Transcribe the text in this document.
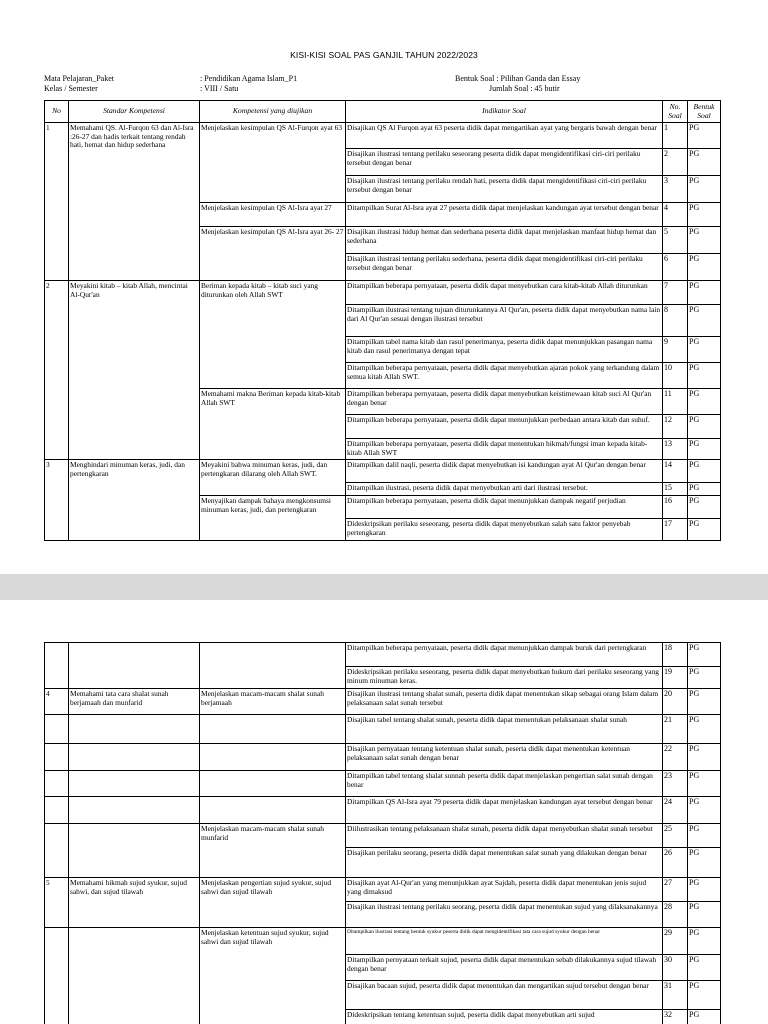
KISI-KISI SOAL PAS GANJIL TAHUN 2022/2023
Mata Pelajaran_Paket	: Pendidikan Agama Islam_P1
Kelas / Semester	: VIII / Satu
Bentuk Soal : Pilihan Ganda dan Essay
Jumlah Soal : 45 butir
No	Standar Kompetensi	Kompetensi yang diujikan	Indikator Soal	No. Soal	Bentuk Soal
1	Memahami QS. Al-Furqon 63 dan Al-Isra :26-27 dan hadis terkait tentang rendah hati, hemat dan hidup sederhana	Menjelaskan kesimpulan QS Al-Furqon ayat 63	Disajikan QS Al Furqon ayat 63 peserta didik dapat mengartikan ayat yang bergaris bawah dengan benar	1	PG
			Disajikan ilustrasi tentang perilaku seseorang peserta didik dapat mengidentifikasi ciri-ciri perilaku tersebut dengan benar	2	PG
			Disajikan ilustrasi tentang perilaku rendah hati, peserta didik dapat mengidentifikasi ciri-ciri perilaku tersebut dengan benar	3	PG
		Menjelaskan kesimpulan QS Al-Isra ayat 27	Ditampilkan Surat Al-Isra ayat 27 peserta didik dapat menjelaskan kandungan ayat tersebut dengan benar	4	PG
		Menjelaskan kesimpulan QS Al-Isra ayat 26- 27	Disajikan ilustrasi hidup hemat dan sederhana peserta didik dapat menjelaskan manfaat hidup hemat dan sederhana	5	PG
			Disajikan ilustrasi tentang perilaku sederhana, peserta didik dapat mengidentifikasi ciri-ciri perilaku tersebut dengan benar	6	PG
2	Meyakini kitab – kitab Allah, mencintai Al-Qur'an	Beriman kepada kitab – kitab suci yang diturunkan oleh Allah SWT	Ditampilkan beberapa pernyataan, peserta didik dapat menyebutkan cara kitab-kitab Allah diturunkan	7	PG
			Ditampilkan ilustrasi tentang tujuan diturunkannya Al Qur'an, peserta didik dapat menyebutkan nama lain dari Al Qur'an sesuai dengan ilustrasi tersebut	8	PG
			Ditampilkan tabel nama kitab dan rasul penerimanya, peserta didik dapat menunjukkan pasangan nama kitab dan rasul penerimanya dengan tepat	9	PG
			Ditampilkan beberapa pernyataan, peserta didik dapat menyebutkan ajaran pokok yang terkandung dalam semua kitab Allah SWT.	10	PG
		Memahami makna Beriman kepada kitab-kitab Allah SWT	Ditampilkan beberapa pernyataan, peserta didik dapat menyebutkan keistimewaan kitab suci Al Qur'an dengan benar	11	PG
			Ditampilkan beberapa pernyataan, peserta didik dapat menunjukkan perbedaan antara kitab dan suhuf.	12	PG
			Ditampilkan beberapa pernyataan, peserta didik dapat menentukan hikmah/fungsi iman kepada kitab-kitab Allah SWT	13	PG
3	Menghindari minuman keras, judi, dan pertengkaran	Meyakini bahwa minuman keras, judi, dan pertengkaran dilarang oleh Allah SWT.	Ditampilkan dalil naqli, peserta didik dapat menyebutkan isi kandungan ayat Al Qur'an dengan benar	14	PG
			Ditampilkan ilustrasi, peserta didik dapat menyebutkan arti dari ilustrasi tersebut.	15	PG
		Menyajikan dampak bahaya mengkonsumsi minuman keras, judi, dan pertengkaran	Ditampilkan beberapa pernyataan, peserta didik dapat menunjukkan dampak negatif perjudian	16	PG
			Dideskripsikan perilaku seseorang, peserta didik dapat menyebutkan salah satu faktor penyebab pertengkaran	17	PG
			Ditampilkan beberapa pernyataan, peserta didik dapat menunjukkan dampak buruk dari pertengkaran	18	PG
			Dideskripsikan perilaku seseorang, peserta didik dapat menyebutkan hukum dari perilaku seseorang yang minum minuman keras.	19	PG
4	Memahami tata cara shalat sunah berjamaah dan munfarid	Menjelaskan macam-macam shalat sunah berjamaah	Disajikan ilustrasi tentang shalat sunah, peserta didik dapat menentukan sikap sebagai orang Islam dalam pelaksanaan salat sunah tersebut	20	PG
			Disajikan tabel tentang shalat sunah, peserta didik dapat menentukan pelaksanaan shalat sunah	21	PG
			Disajikan pernyataan tentang ketentuan shalat sunah, peserta didik dapat menentukan ketentuan pelaksanaan salat sunah dengan benar	22	PG
			Ditampilkan tabel tentang shalat sunnah peserta didik dapat menjelaskan pengertian salat sunah dengan benar	23	PG
			Ditampilkan QS Al-Isra ayat 79 peserta didik dapat menjelaskan kandungan ayat tersebut dengan benar	24	PG
		Menjelaskan macam-macam shalat sunah munfarid	Diilustrasikan tentang pelaksanaan shalat sunah, peserta didik dapat menyebutkan shalat sunah tersebut	25	PG
			Disajikan perilaku seorang, peserta didik dapat menentukan salat sunah yang dilakukan dengan benar	26	PG
5	Memahami hikmah sujud syukur, sujud sahwi, dan sujud tilawah	Menjelaskan pengertian sujud syukur, sujud sahwi dan sujud tilawah	Disajikan ayat Al-Qur'an yang menunjukkan ayat Sajdah, peserta didik dapat menentukan jenis sujud yang dimaksud	27	PG
			Disajikan ilustrasi tentang perilaku seorang, peserta didik dapat menentukan sujud yang dilaksanakannya	28	PG
		Menjelaskan ketentuan sujud syukur, sujud sahwi dan sujud tilawah	Ditampilkan ilustrasi tentang bentuk syukur peserta didik dapat mengidentifikasi tata cara sujud syukur dengan benar	29	PG
			Ditampilkan pernyataan terkait sujud, peserta didik dapat menentukan sebab dilakukannya sujud tilawah dengan benar	30	PG
			Disajikan bacaan sujud, peserta didik dapat menentukan dan mengartikan sujud tersebut dengan benar	31	PG
			Dideskripsikan tentang ketentuan sujud, peserta didik dapat menyebutkan arti sujud	32	PG
